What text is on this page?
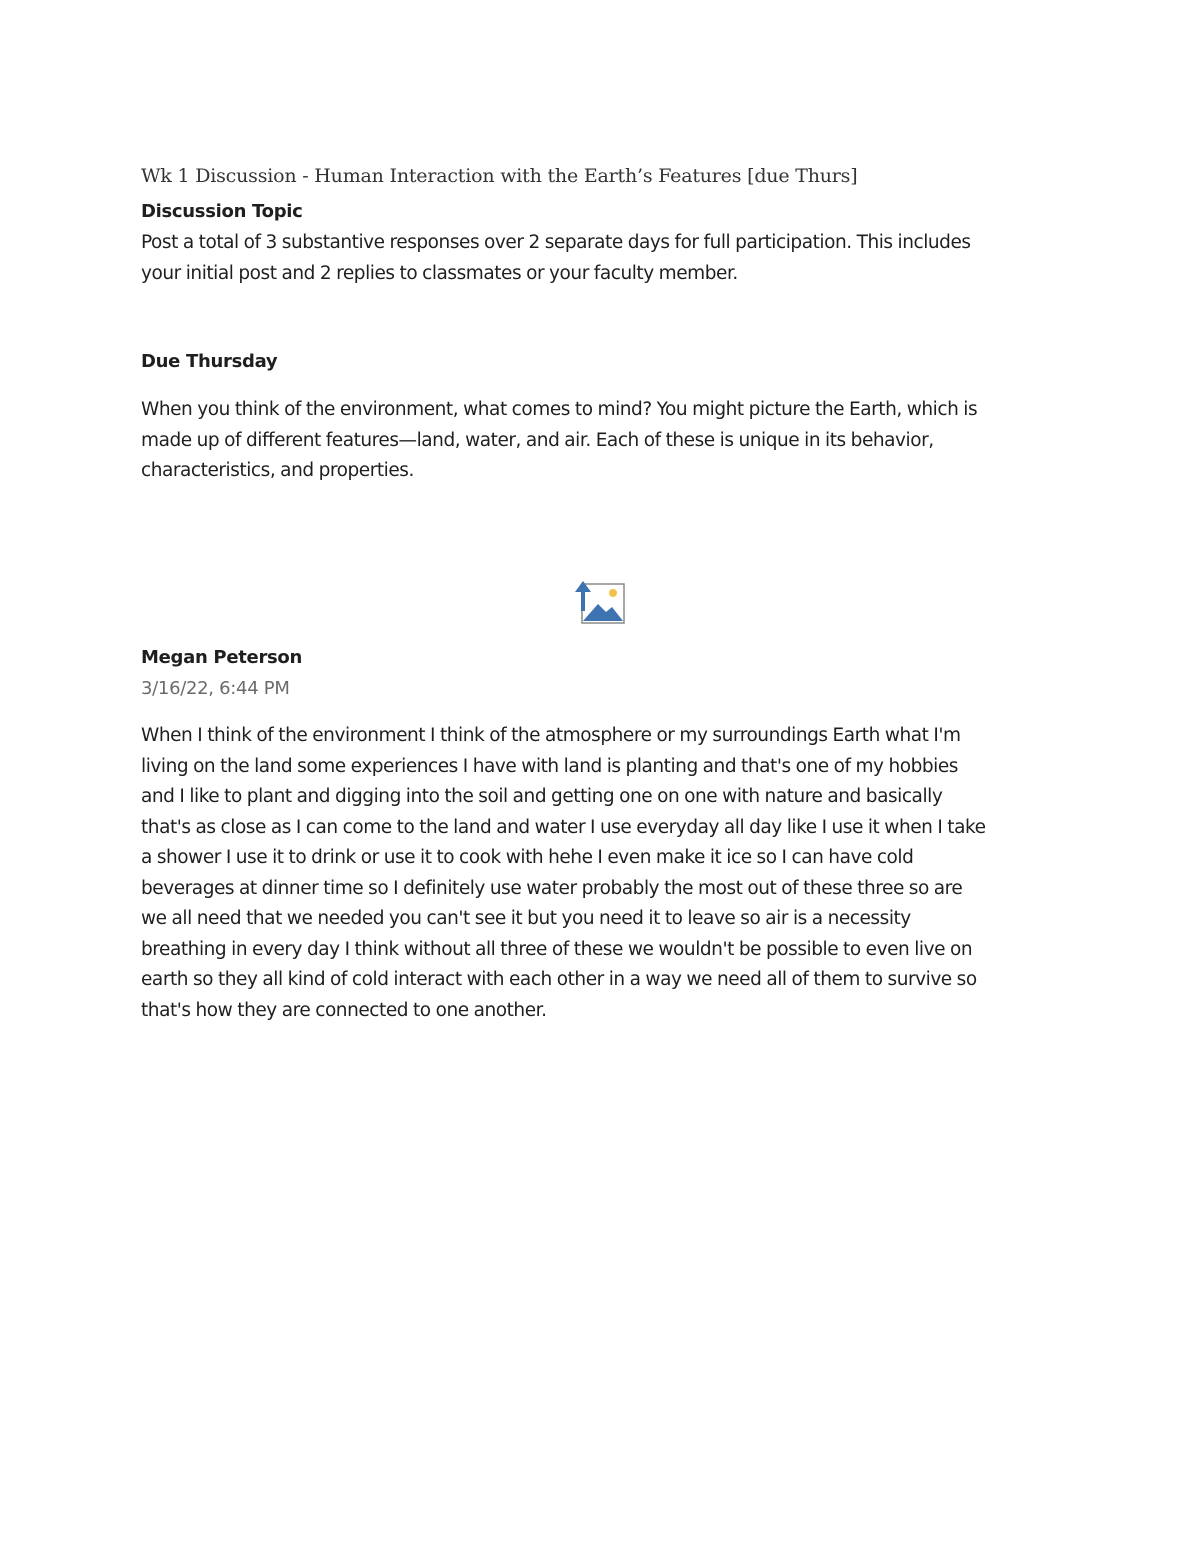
Wk 1 Discussion - Human Interaction with the Earth’s Features [due Thurs]
Discussion Topic
Post a total of 3 substantive responses over 2 separate days for full participation. This includes
your initial post and 2 replies to classmates or your faculty member.
Due Thursday
When you think of the environment, what comes to mind? You might picture the Earth, which is
made up of different features—land, water, and air. Each of these is unique in its behavior,
characteristics, and properties.
Megan Peterson
3/16/22, 6:44 PM
When I think of the environment I think of the atmosphere or my surroundings Earth what I'm
living on the land some experiences I have with land is planting and that's one of my hobbies
and I like to plant and digging into the soil and getting one on one with nature and basically
that's as close as I can come to the land and water I use everyday all day like I use it when I take
a shower I use it to drink or use it to cook with hehe I even make it ice so I can have cold
beverages at dinner time so I definitely use water probably the most out of these three so are
we all need that we needed you can't see it but you need it to leave so air is a necessity
breathing in every day I think without all three of these we wouldn't be possible to even live on
earth so they all kind of cold interact with each other in a way we need all of them to survive so
that's how they are connected to one another.
